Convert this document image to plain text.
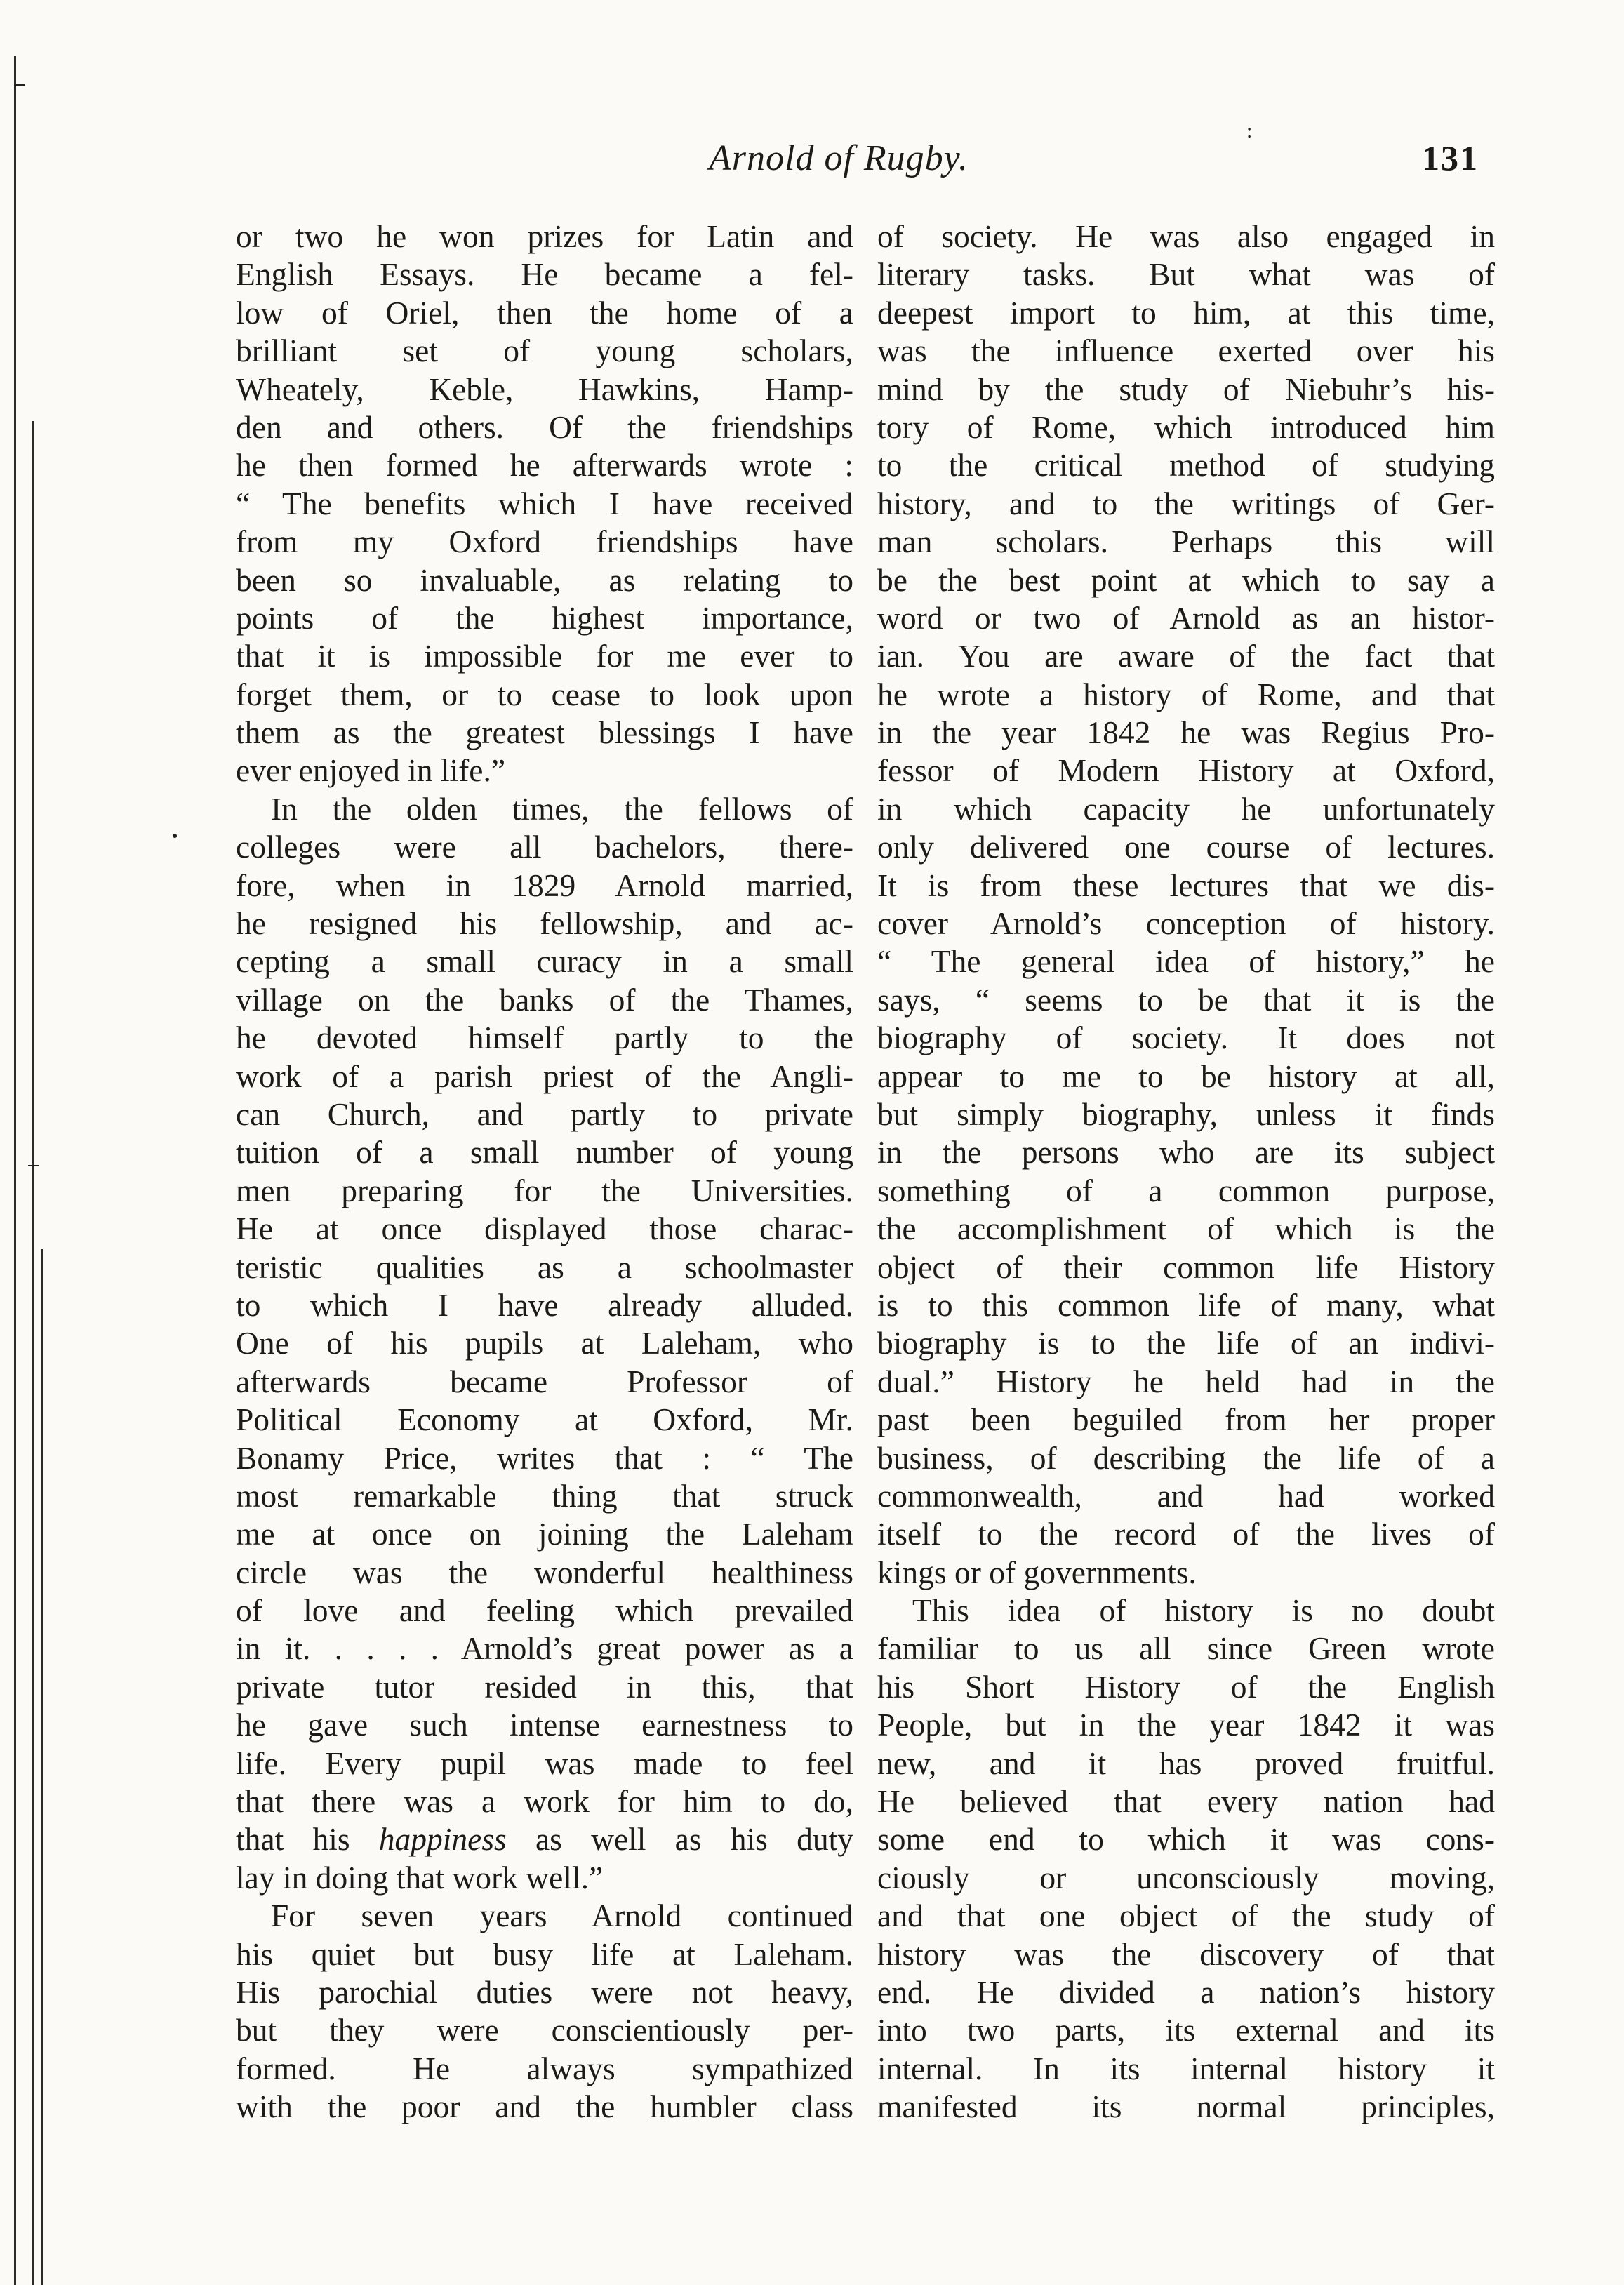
Arnold of Rugby.	131
:
or two he won prizes for Latin and
English Essays. He became a fel-
low of Oriel, then the home of a
brilliant set of young scholars,
Wheately, Keble, Hawkins, Hamp-
den and others. Of the friendships
he then formed he afterwards wrote :
“ The benefits which I have received
from my Oxford friendships have
been so invaluable, as relating to
points of the highest importance,
that it is impossible for me ever to
forget them, or to cease to look upon
them as the greatest blessings I have
ever enjoyed in life.”
In the olden times, the fellows of
colleges were all bachelors, there-
fore, when in 1829 Arnold married,
he resigned his fellowship, and ac-
cepting a small curacy in a small
village on the banks of the Thames,
he devoted himself partly to the
work of a parish priest of the Angli-
can Church, and partly to private
tuition of a small number of young
men preparing for the Universities.
He at once displayed those charac-
teristic qualities as a schoolmaster
to which I have already alluded.
One of his pupils at Laleham, who
afterwards became Professor of
Political Economy at Oxford, Mr.
Bonamy Price, writes that : “ The
most remarkable thing that struck
me at once on joining the Laleham
circle was the wonderful healthiness
of love and feeling which prevailed
in it. . . . . Arnold’s great power as a
private tutor resided in this, that
he gave such intense earnestness to
life. Every pupil was made to feel
that there was a work for him to do,
that his happiness as well as his duty
lay in doing that work well.”
For seven years Arnold continued
his quiet but busy life at Laleham.
His parochial duties were not heavy,
but they were conscientiously per-
formed. He always sympathized
with the poor and the humbler class
of society. He was also engaged in
literary tasks. But what was of
deepest import to him, at this time,
was the influence exerted over his
mind by the study of Niebuhr’s his-
tory of Rome, which introduced him
to the critical method of studying
history, and to the writings of Ger-
man scholars. Perhaps this will
be the best point at which to say a
word or two of Arnold as an histor-
ian. You are aware of the fact that
he wrote a history of Rome, and that
in the year 1842 he was Regius Pro-
fessor of Modern History at Oxford,
in which capacity he unfortunately
only delivered one course of lectures.
It is from these lectures that we dis-
cover Arnold’s conception of history.
“ The general idea of history,” he
says, “ seems to be that it is the
biography of society. It does not
appear to me to be history at all,
but simply biography, unless it finds
in the persons who are its subject
something of a common purpose,
the accomplishment of which is the
object of their common life History
is to this common life of many, what
biography is to the life of an indivi-
dual.” History he held had in the
past been beguiled from her proper
business, of describing the life of a
commonwealth, and had worked
itself to the record of the lives of
kings or of governments.
This idea of history is no doubt
familiar to us all since Green wrote
his Short History of the English
People, but in the year 1842 it was
new, and it has proved fruitful.
He believed that every nation had
some end to which it was cons-
ciously or unconsciously moving,
and that one object of the study of
history was the discovery of that
end. He divided a nation’s history
into two parts, its external and its
internal. In its internal history it
manifested its normal principles,
